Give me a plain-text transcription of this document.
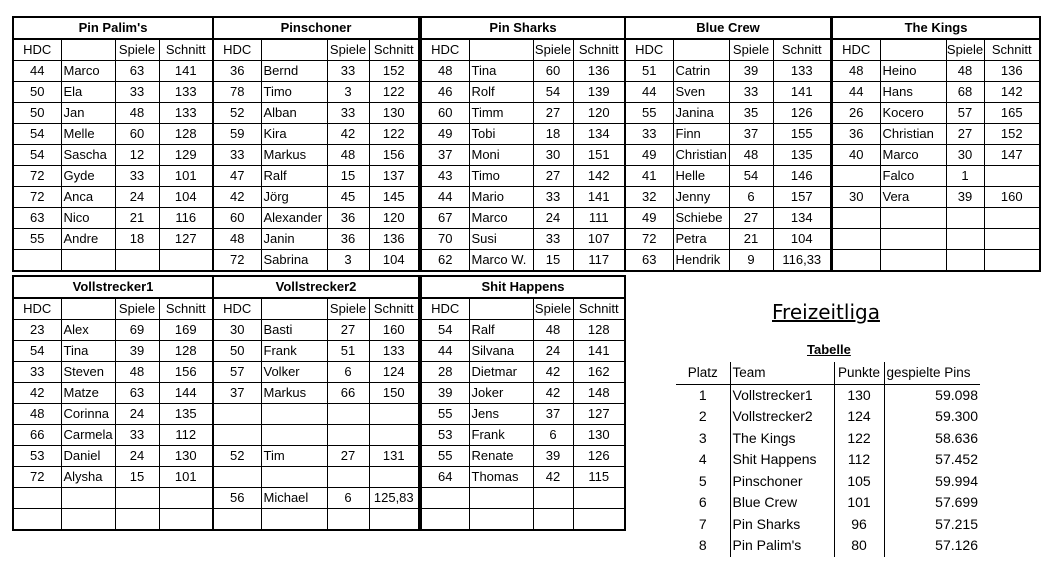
Pin Palim's			
HDC		Spiele	Schnitt
44	Marco	63	141
50	Ela	33	133
50	Jan	48	133
54	Melle	60	128
54	Sascha	12	129
72	Gyde	33	101
72	Anca	24	104
63	Nico	21	116
55	Andre	18	127

Pinschoner			
HDC		Spiele	Schnitt
36	Bernd	33	152
78	Timo	3	122
52	Alban	33	130
59	Kira	42	122
33	Markus	48	156
47	Ralf	15	137
42	Jörg	45	145
60	Alexander	36	120
48	Janin	36	136
72	Sabrina	3	104
Pin Sharks			
HDC		Spiele	Schnitt
48	Tina	60	136
46	Rolf	54	139
60	Timm	27	120
49	Tobi	18	134
37	Moni	30	151
43	Timo	27	142
44	Mario	33	141
67	Marco	24	111
70	Susi	33	107
62	Marco W.	15	117
Blue Crew			
HDC		Spiele	Schnitt
51	Catrin	39	133
44	Sven	33	141
55	Janina	35	126
33	Finn	37	155
49	Christian	48	135
41	Helle	54	146
32	Jenny	6	157
49	Schiebe	27	134
72	Petra	21	104
63	Hendrik	9	116,33
The Kings			
HDC		Spiele	Schnitt
48	Heino	48	136
44	Hans	68	142
26	Kocero	57	165
36	Christian	27	152
40	Marco	30	147
	Falco	1	
30	Vera	39	160

Vollstrecker1			
HDC		Spiele	Schnitt
23	Alex	69	169
54	Tina	39	128
33	Steven	48	156
42	Matze	63	144
48	Corinna	24	135
66	Carmela	33	112
53	Daniel	24	130
72	Alysha	15	101

Vollstrecker2			
HDC		Spiele	Schnitt
30	Basti	27	160
50	Frank	51	133
57	Volker	6	124
37	Markus	66	150

52	Tim	27	131

56	Michael	6	125,83

Shit Happens			
HDC		Spiele	Schnitt
54	Ralf	48	128
44	Silvana	24	141
28	Dietmar	42	162
39	Joker	42	148
55	Jens	37	127
53	Frank	6	130
55	Renate	39	126
64	Thomas	42	115

Freizeitliga
Tabelle
Platz	Team	Punkte	gespielte Pins
1	Vollstrecker1	130	59.098
2	Vollstrecker2	124	59.300
3	The Kings	122	58.636
4	Shit Happens	112	57.452
5	Pinschoner	105	59.994
6	Blue Crew	101	57.699
7	Pin Sharks	96	57.215
8	Pin Palim's	80	57.126
